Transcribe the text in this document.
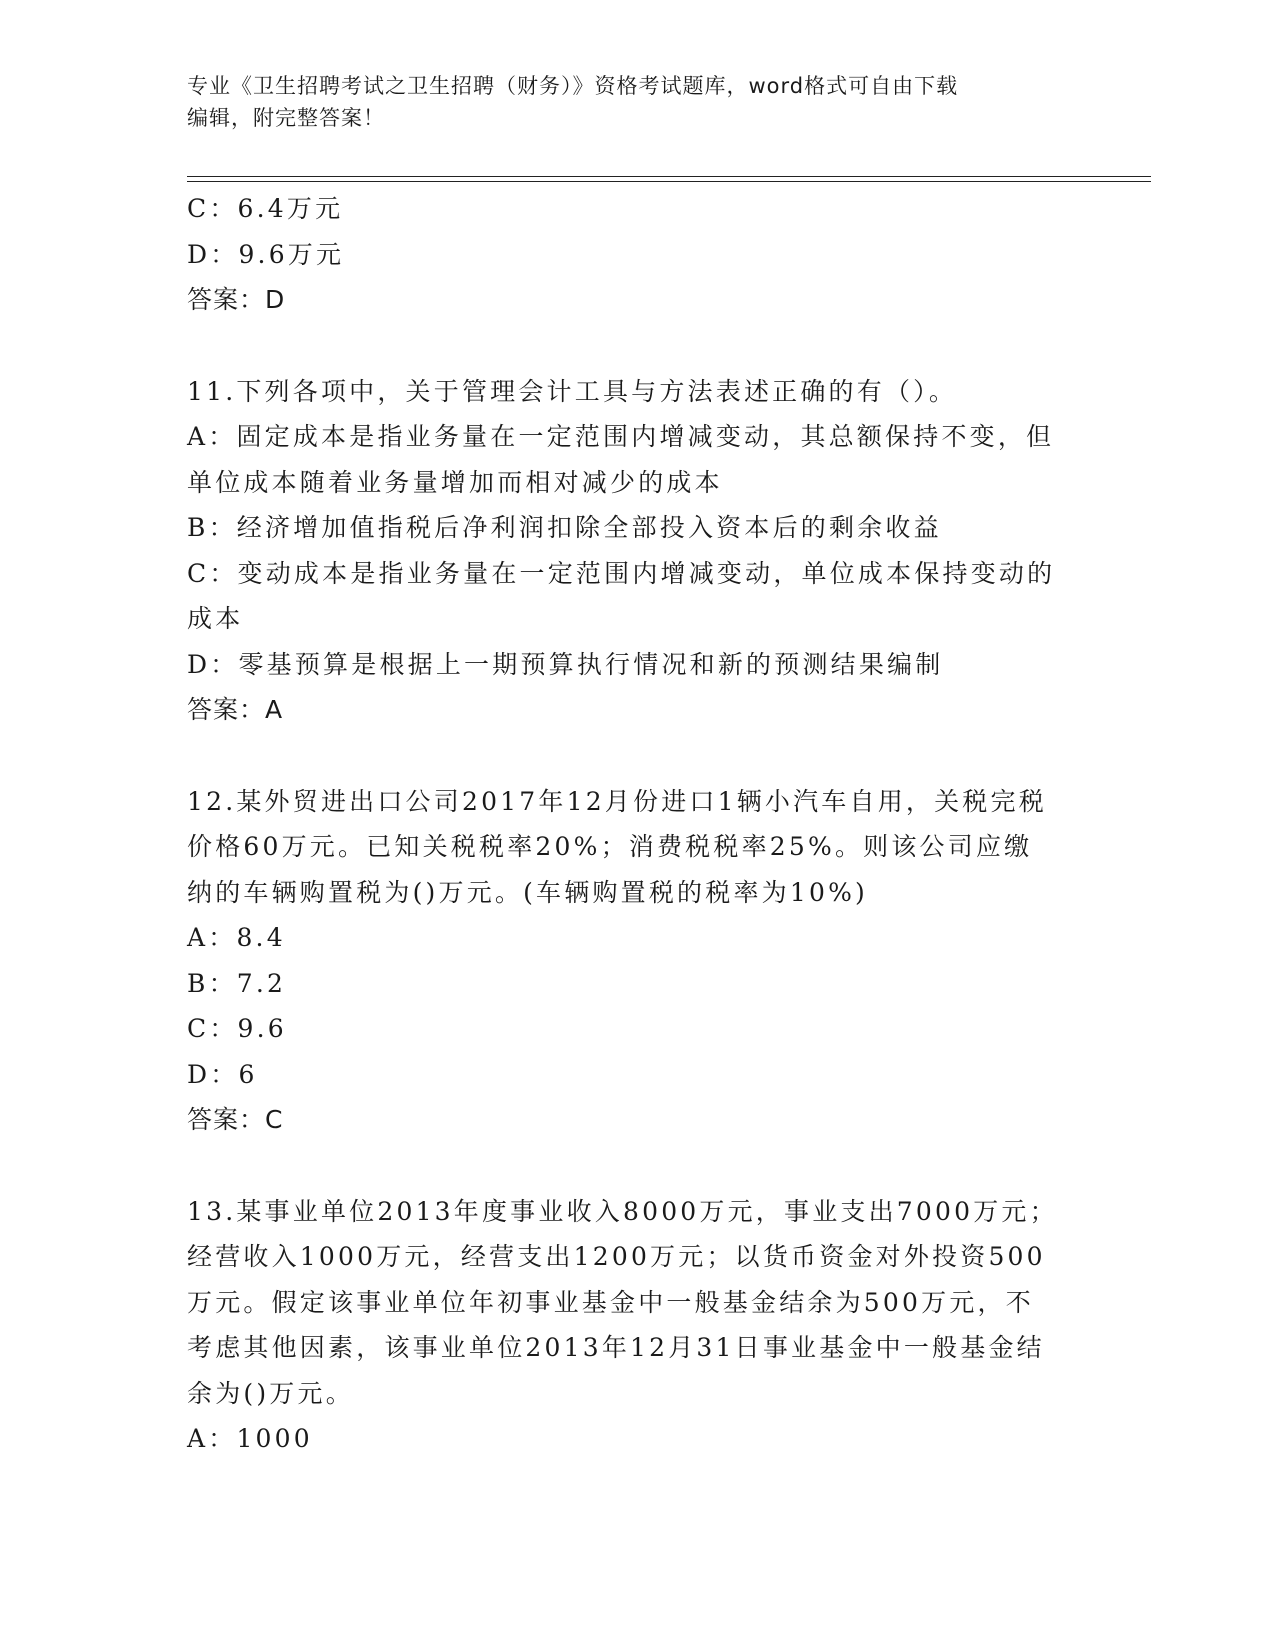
专业《卫生招聘考试之卫生招聘（财务）》资格考试题库，word格式可自由下载
编辑，附完整答案！
C：6.4万元
D：9.6万元
答案：D
11.下列各项中，关于管理会计工具与方法表述正确的有（）。
A：固定成本是指业务量在一定范围内增减变动，其总额保持不变，但
单位成本随着业务量增加而相对减少的成本
B：经济增加值指税后净利润扣除全部投入资本后的剩余收益
C：变动成本是指业务量在一定范围内增减变动，单位成本保持变动的
成本
D：零基预算是根据上一期预算执行情况和新的预测结果编制
答案：A
12.某外贸进出口公司2017年12月份进口1辆小汽车自用，关税完税
价格60万元。已知关税税率20%；消费税税率25%。则该公司应缴
纳的车辆购置税为()万元。(车辆购置税的税率为10%)
A：8.4
B：7.2
C：9.6
D：6
答案：C
13.某事业单位2013年度事业收入8000万元，事业支出7000万元；
经营收入1000万元，经营支出1200万元；以货币资金对外投资500
万元。假定该事业单位年初事业基金中一般基金结余为500万元，不
考虑其他因素，该事业单位2013年12月31日事业基金中一般基金结
余为()万元。
A：1000
